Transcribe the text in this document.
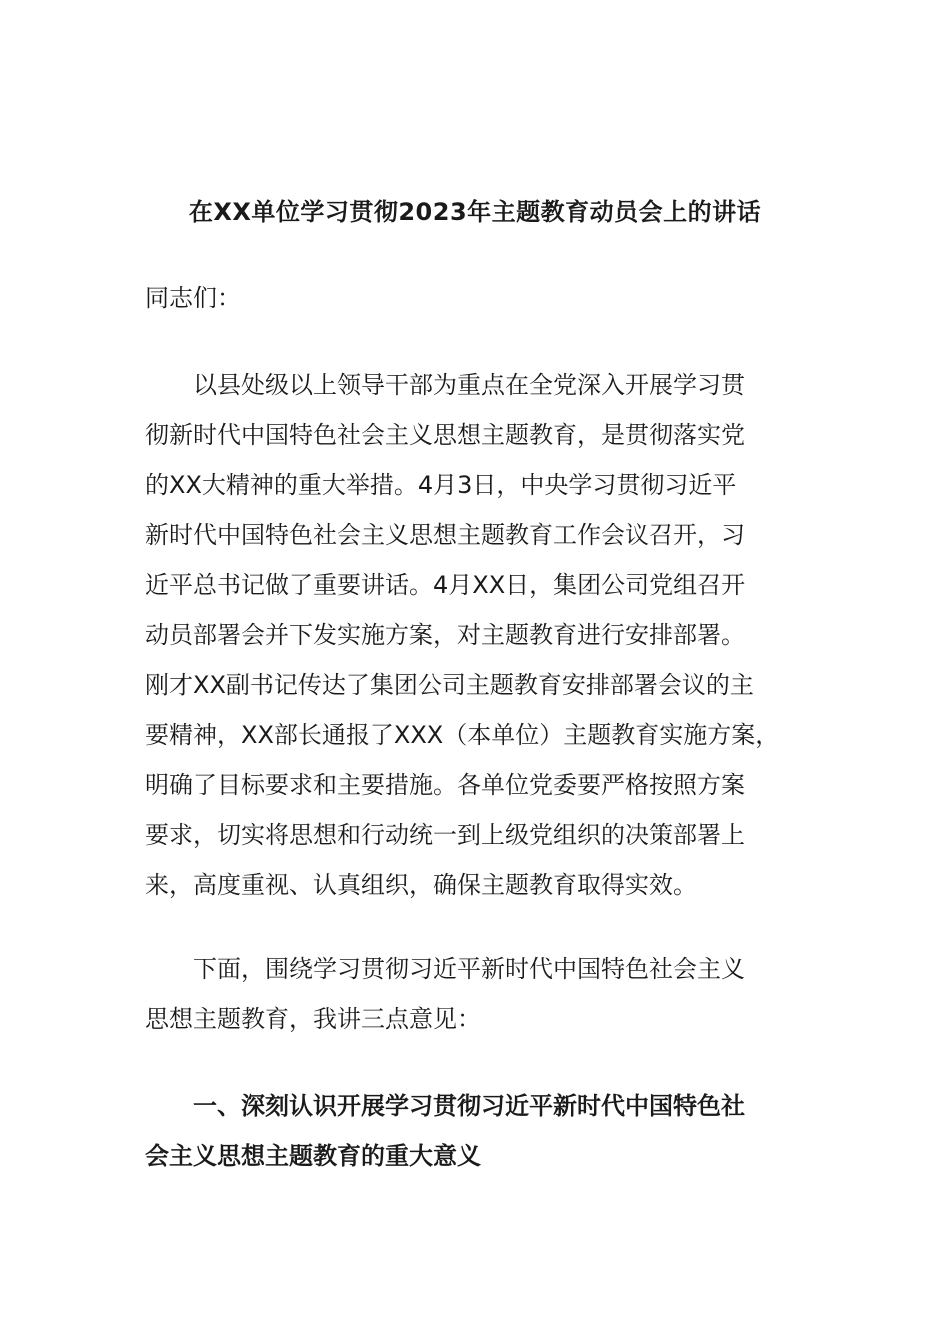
在XX单位学习贯彻2023年主题教育动员会上的讲话
同志们：
以县处级以上领导干部为重点在全党深入开展学习贯
彻新时代中国特色社会主义思想主题教育，是贯彻落实党
的XX大精神的重大举措。4月3日，中央学习贯彻习近平
新时代中国特色社会主义思想主题教育工作会议召开，习
近平总书记做了重要讲话。4月XX日，集团公司党组召开
动员部署会并下发实施方案，对主题教育进行安排部署。
刚才XX副书记传达了集团公司主题教育安排部署会议的主
要精神，XX部长通报了XXX（本单位）主题教育实施方案，
明确了目标要求和主要措施。各单位党委要严格按照方案
要求，切实将思想和行动统一到上级党组织的决策部署上
来，高度重视、认真组织，确保主题教育取得实效。
下面，围绕学习贯彻习近平新时代中国特色社会主义
思想主题教育，我讲三点意见：
一、深刻认识开展学习贯彻习近平新时代中国特色社
会主义思想主题教育的重大意义
